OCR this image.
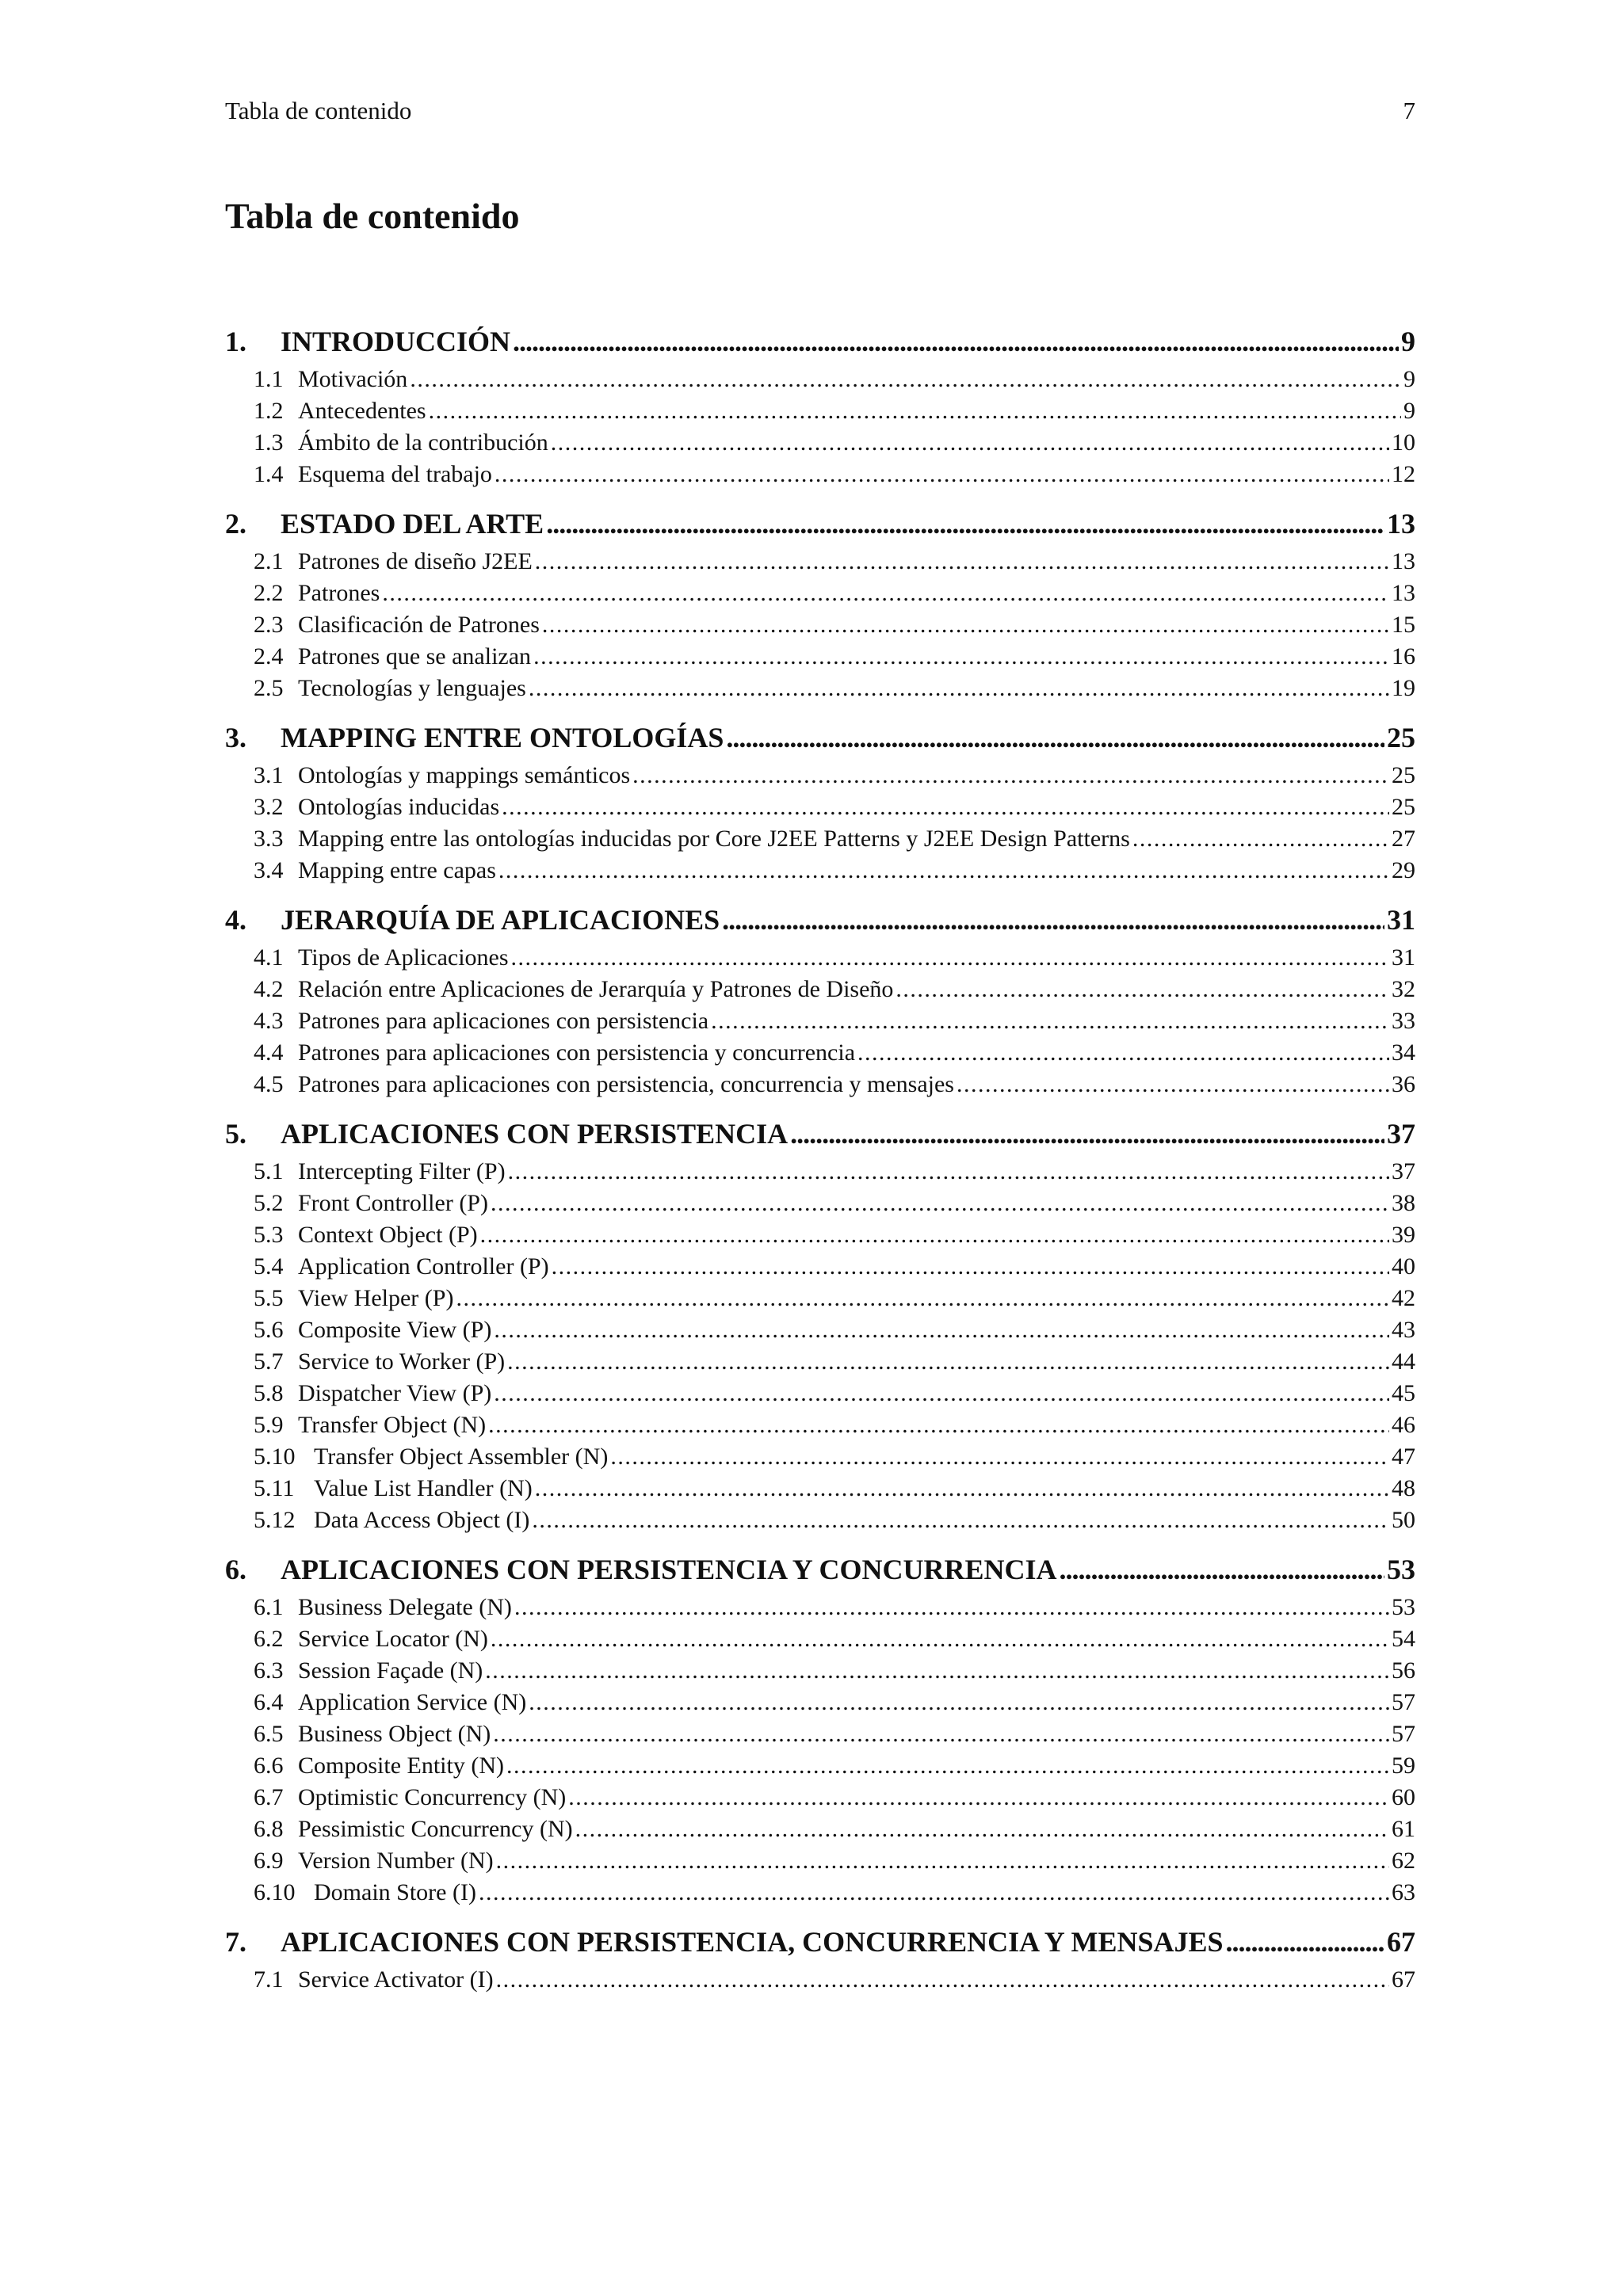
Tabla de contenido	7
Tabla de contenido
1.	INTRODUCCIÓN . . .	9
1.1 Motivación . . .	9
1.2 Antecedentes . . .	9
1.3 Ámbito de la contribución . . .	10
1.4 Esquema del trabajo . . .	12
2.	ESTADO DEL ARTE . . .	13
2.1 Patrones de diseño J2EE . . .	13
2.2 Patrones . . .	13
2.3 Clasificación de Patrones . . .	15
2.4 Patrones que se analizan . . .	16
2.5 Tecnologías y lenguajes . . .	19
3.	MAPPING ENTRE ONTOLOGÍAS . . .	25
3.1 Ontologías y mappings semánticos . . .	25
3.2 Ontologías inducidas . . .	25
3.3 Mapping entre las ontologías inducidas por Core J2EE Patterns y J2EE Design Patterns . . .	27
3.4 Mapping entre capas . . .	29
4.	JERARQUÍA DE APLICACIONES . . .	31
4.1 Tipos de Aplicaciones . . .	31
4.2 Relación entre Aplicaciones de Jerarquía y Patrones de Diseño . . .	32
4.3 Patrones para aplicaciones con persistencia . . .	33
4.4 Patrones para aplicaciones con persistencia y concurrencia . . .	34
4.5 Patrones para aplicaciones con persistencia, concurrencia y mensajes . . .	36
5.	APLICACIONES CON PERSISTENCIA . . .	37
5.1 Intercepting Filter (P) . . .	37
5.2 Front Controller (P) . . .	38
5.3 Context Object (P) . . .	39
5.4 Application Controller (P) . . .	40
5.5 View Helper (P) . . .	42
5.6 Composite View (P) . . .	43
5.7 Service to Worker (P) . . .	44
5.8 Dispatcher View (P) . . .	45
5.9 Transfer Object (N) . . .	46
5.10 Transfer Object Assembler (N) . . .	47
5.11 Value List Handler (N) . . .	48
5.12 Data Access Object (I) . . .	50
6.	APLICACIONES CON PERSISTENCIA Y CONCURRENCIA . . .	53
6.1 Business Delegate (N) . . .	53
6.2 Service Locator (N) . . .	54
6.3 Session Façade (N) . . .	56
6.4 Application Service (N) . . .	57
6.5 Business Object (N) . . .	57
6.6 Composite Entity (N) . . .	59
6.7 Optimistic Concurrency (N) . . .	60
6.8 Pessimistic Concurrency (N) . . .	61
6.9 Version Number (N) . . .	62
6.10 Domain Store (I) . . .	63
7.	APLICACIONES CON PERSISTENCIA, CONCURRENCIA Y MENSAJES . . .	67
7.1 Service Activator (I) . . .	67
